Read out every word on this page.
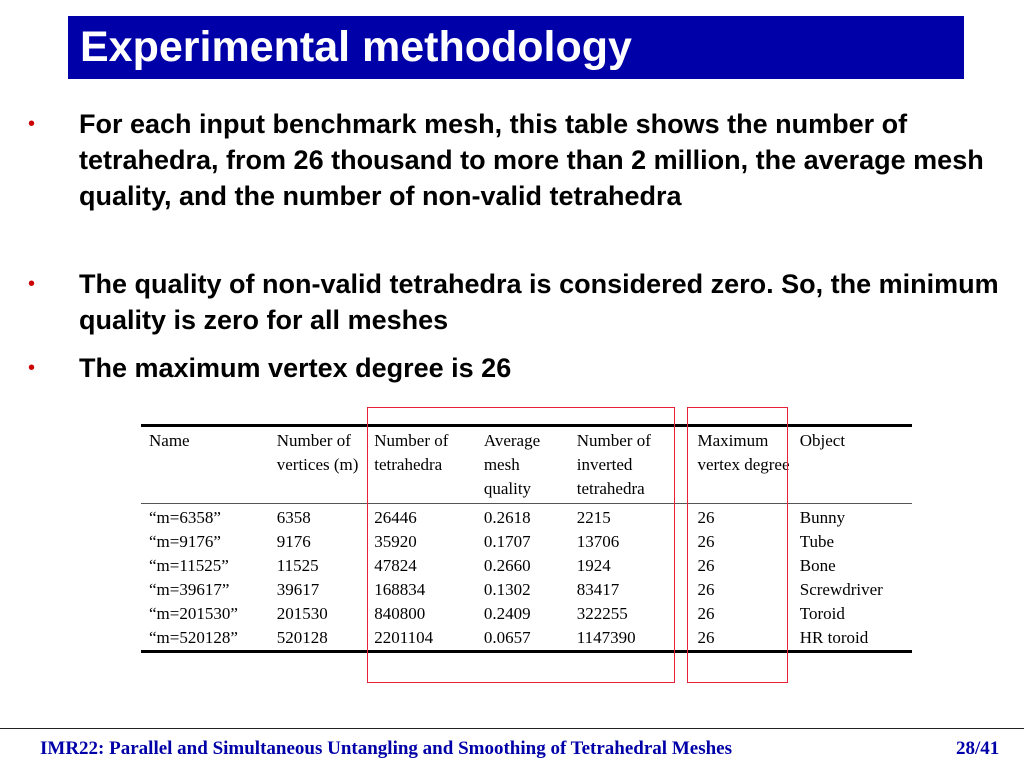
Experimental methodology
• For each input benchmark mesh, this table shows the number of tetrahedra, from 26 thousand to more than 2 million, the average mesh quality, and the number of non-valid tetrahedra
• The quality of non-valid tetrahedra is considered zero. So, the minimum quality is zero for all meshes
• The maximum vertex degree is 26
Name	Number of vertices (m)	Number of tetrahedra	Average mesh quality	Number of inverted tetrahedra	Maximum vertex degree	Object
“m=6358”	6358	26446	0.2618	2215	26	Bunny
“m=9176”	9176	35920	0.1707	13706	26	Tube
“m=11525”	11525	47824	0.2660	1924	26	Bone
“m=39617”	39617	168834	0.1302	83417	26	Screwdriver
“m=201530”	201530	840800	0.2409	322255	26	Toroid
“m=520128”	520128	2201104	0.0657	1147390	26	HR toroid
IMR22: Parallel and Simultaneous Untangling and Smoothing of Tetrahedral Meshes	28/41
